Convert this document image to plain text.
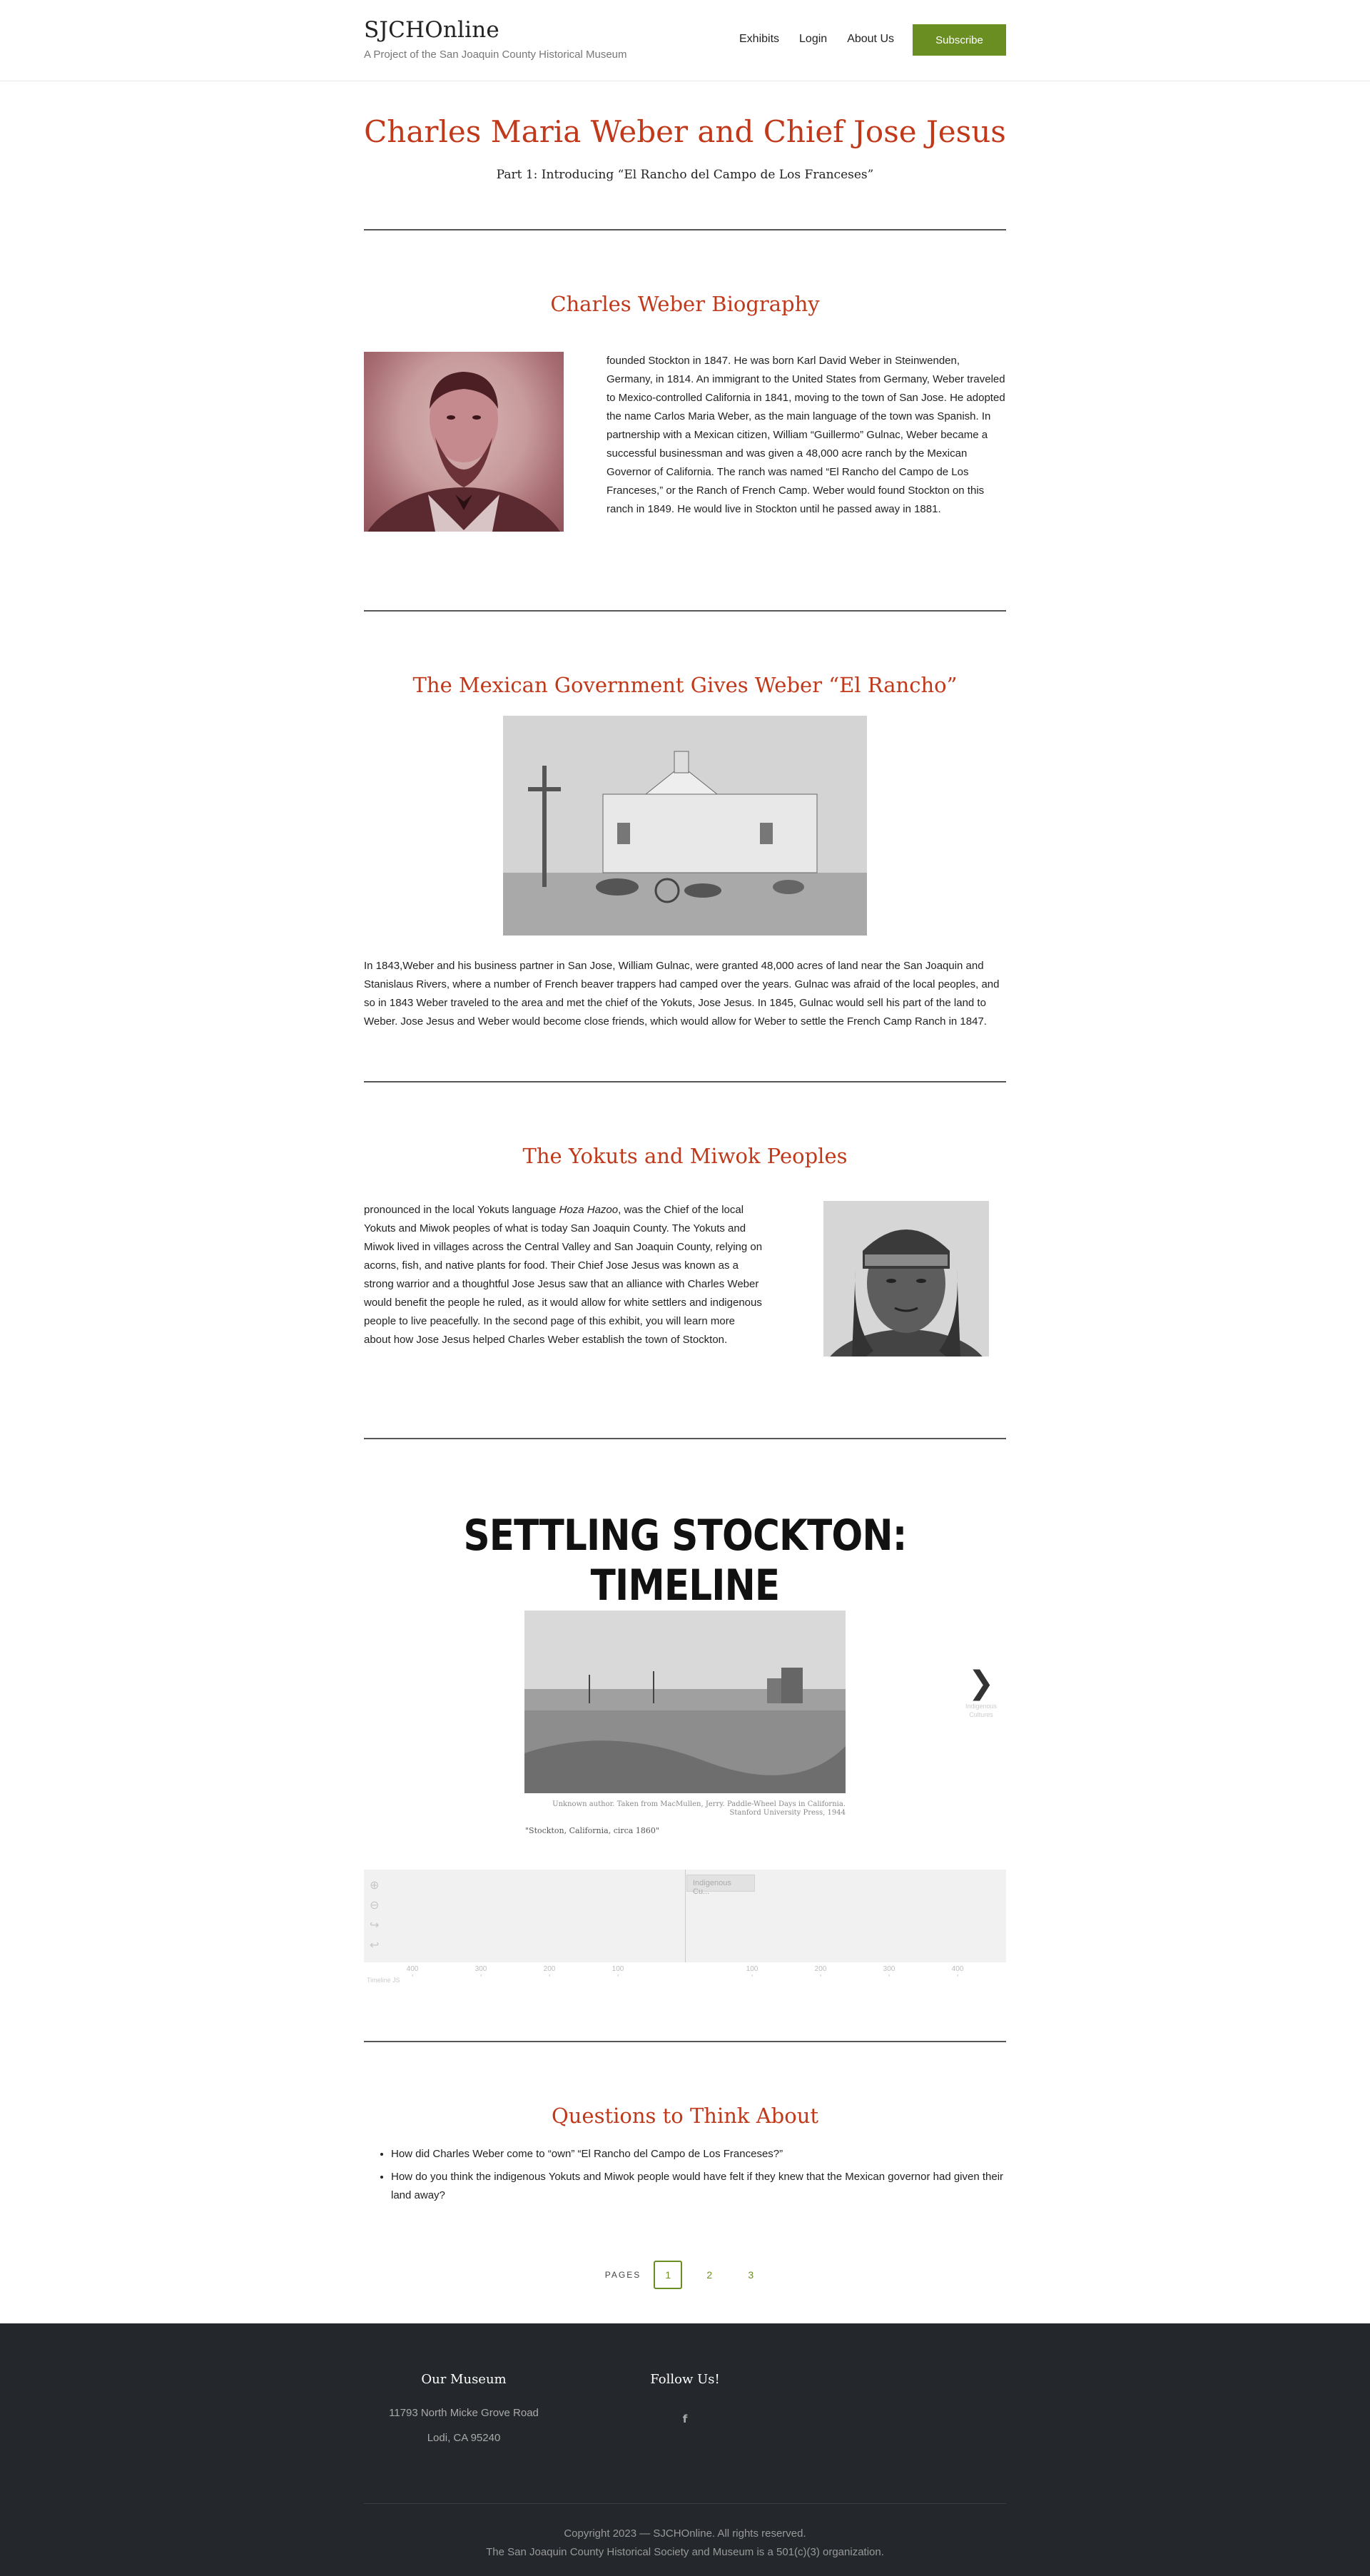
SJCHOnline
A Project of the San Joaquin County Historical Museum
Exhibits Login About Us	Subscribe
Charles Maria Weber and Chief Jose Jesus
Part 1: Introducing “El Rancho del Campo de Los Franceses”
Charles Weber Biography

founded Stockton in 1847. He was born Karl David Weber in Steinwenden, Germany, in 1814. An immigrant to the United States from Germany, Weber traveled to Mexico-controlled California in 1841, moving to the town of San Jose. He adopted the name Carlos Maria Weber, as the main language of the town was Spanish. In partnership with a Mexican citizen, William “Guillermo” Gulnac, Weber became a successful businessman and was given a 48,000 acre ranch by the Mexican Governor of California. The ranch was named “El Rancho del Campo de Los Franceses,” or the Ranch of French Camp. Weber would found Stockton on this ranch in 1849. He would live in Stockton until he passed away in 1881.

The Mexican Government Gives Weber “El Rancho”

In 1843,Weber and his business partner in San Jose, William Gulnac, were granted 48,000 acres of land near the San Joaquin and Stanislaus Rivers, where a number of French beaver trappers had camped over the years. Gulnac was afraid of the local peoples, and so in 1843 Weber traveled to the area and met the chief of the Yokuts, Jose Jesus. In 1845, Gulnac would sell his part of the land to Weber. Jose Jesus and Weber would become close friends, which would allow for Weber to settle the French Camp Ranch in 1847.

The Yokuts and Miwok Peoples

pronounced in the local Yokuts language Hoza Hazoo, was the Chief of the local Yokuts and Miwok peoples of what is today San Joaquin County. The Yokuts and Miwok lived in villages across the Central Valley and San Joaquin County, relying on acorns, fish, and native plants for food. Their Chief Jose Jesus was known as a strong warrior and a thoughtful Jose Jesus saw that an alliance with Charles Weber would benefit the people he ruled, as it would allow for white settlers and indigenous people to live peacefully. In the second page of this exhibit, you will learn more about how Jose Jesus helped Charles Weber establish the town of Stockton.

SETTLING STOCKTON: TIMELINE
Unknown author. Taken from MacMullen, Jerry. Paddle-Wheel Days in California. Stanford University Press, 1944
"Stockton, California, circa 1860"
❯
Indigenous Cultures
⊕
⊖
↪
↩
Indigenous Cu...
400	300	200	100	100	200	300	400
Timeline JS
Questions to Think About
• How did Charles Weber come to “own” “El Rancho del Campo de Los Franceses?”
• How do you think the indigenous Yokuts and Miwok people would have felt if they knew that the Mexican governor had given their land away?
PAGES	1	2	3
Our Museum

11793 North Micke Grove Road

Lodi, CA 95240

Follow Us!
f
Copyright 2023 — SJCHOnline. All rights reserved.
The San Joaquin County Historical Society and Museum is a 501(c)(3) organization.
